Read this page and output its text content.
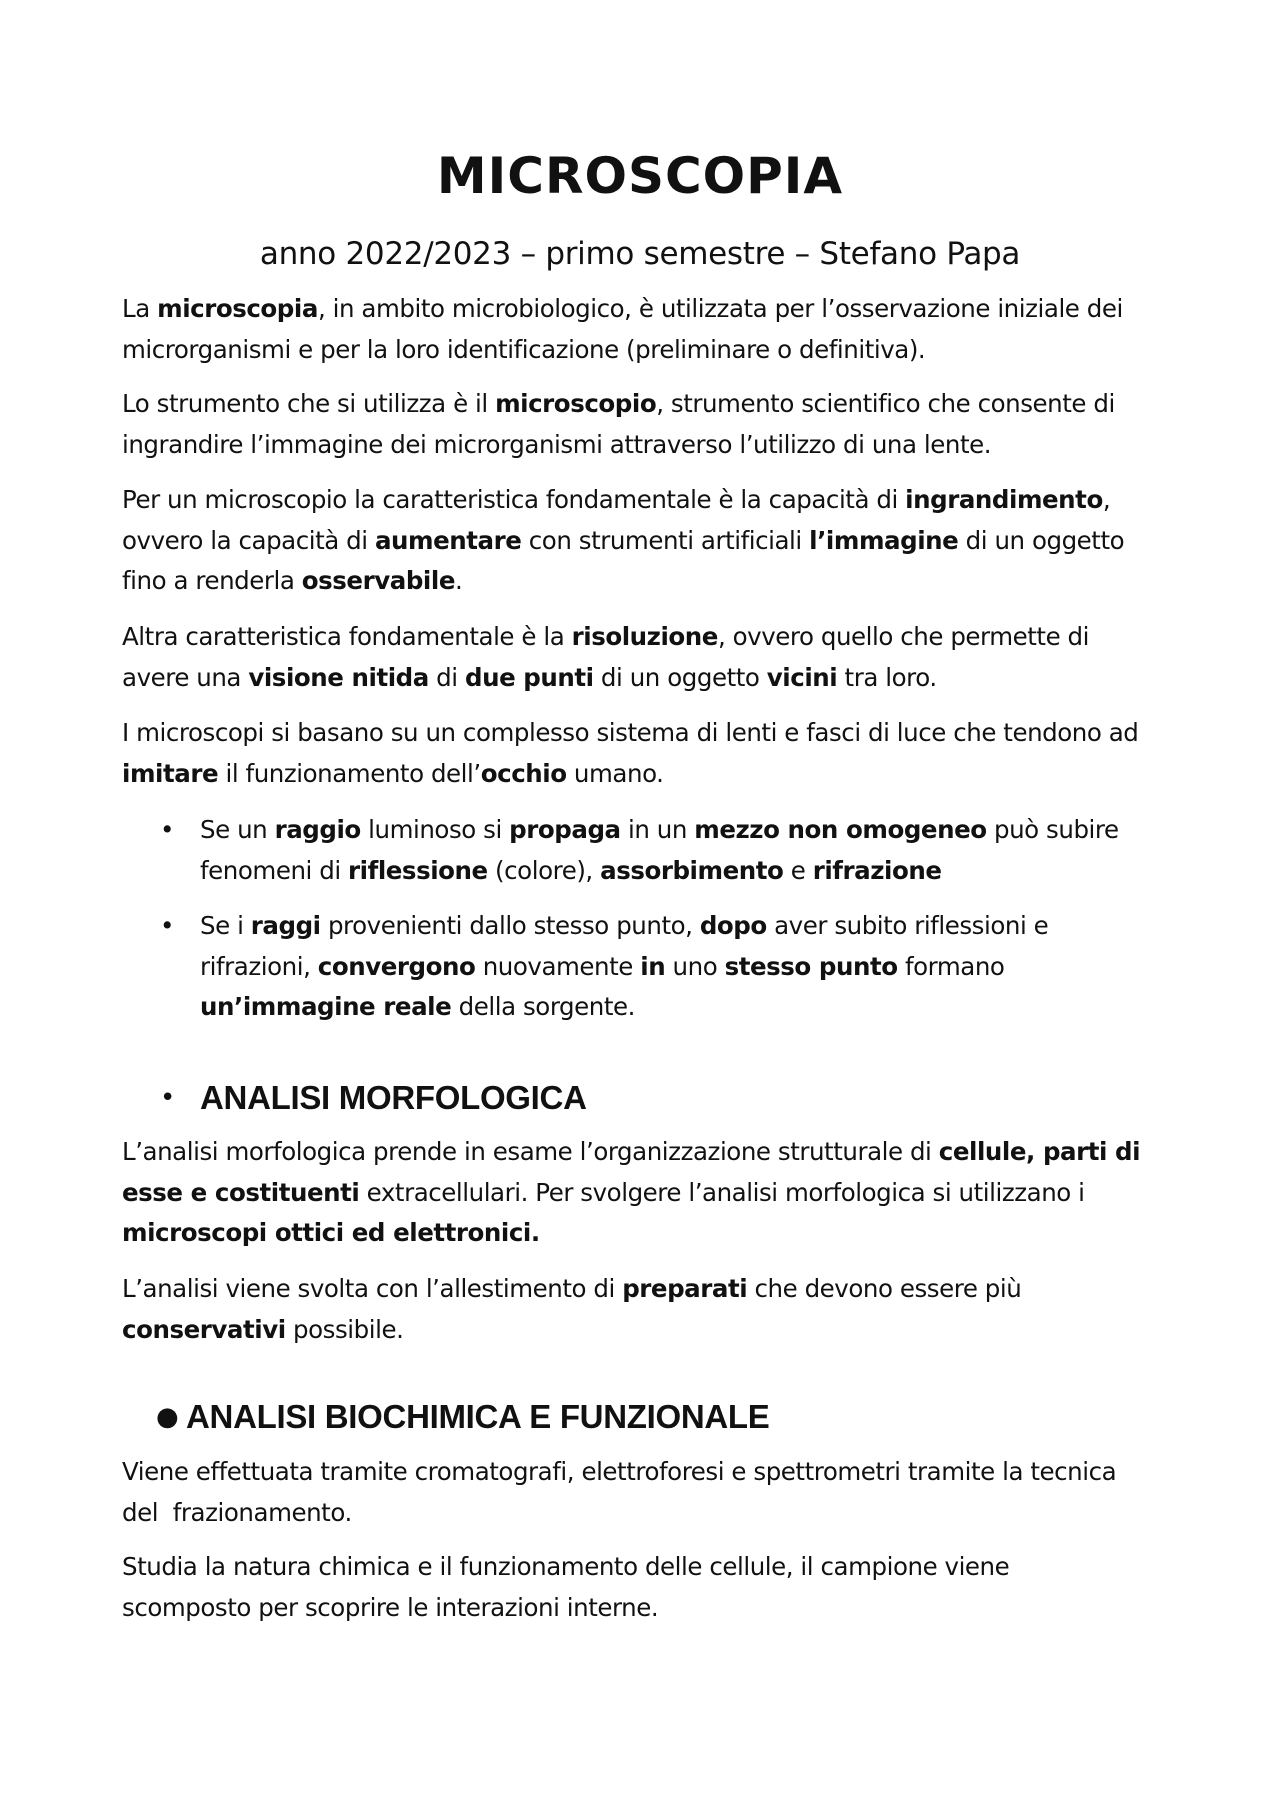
MICROSCOPIA
anno 2022/2023 – primo semestre – Stefano Papa
La microscopia, in ambito microbiologico, è utilizzata per l’osservazione iniziale dei
microrganismi e per la loro identificazione (preliminare o definitiva).
Lo strumento che si utilizza è il microscopio, strumento scientifico che consente di
ingrandire l’immagine dei microrganismi attraverso l’utilizzo di una lente.
Per un microscopio la caratteristica fondamentale è la capacità di ingrandimento,
ovvero la capacità di aumentare con strumenti artificiali l’immagine di un oggetto
fino a renderla osservabile.
Altra caratteristica fondamentale è la risoluzione, ovvero quello che permette di
avere una visione nitida di due punti di un oggetto vicini tra loro.
I microscopi si basano su un complesso sistema di lenti e fasci di luce che tendono ad
imitare il funzionamento dell’occhio umano.
• Se un raggio luminoso si propaga in un mezzo non omogeneo può subire
fenomeni di riflessione (colore), assorbimento e rifrazione
• Se i raggi provenienti dallo stesso punto, dopo aver subito riflessioni e
rifrazioni, convergono nuovamente in uno stesso punto formano
un’immagine reale della sorgente.
• ANALISI MORFOLOGICA
L’analisi morfologica prende in esame l’organizzazione strutturale di cellule, parti di
esse e costituenti extracellulari. Per svolgere l’analisi morfologica si utilizzano i
microscopi ottici ed elettronici.
L’analisi viene svolta con l’allestimento di preparati che devono essere più
conservativi possibile.
● ANALISI BIOCHIMICA E FUNZIONALE
Viene effettuata tramite cromatografi, elettroforesi e spettrometri tramite la tecnica
del  frazionamento.
Studia la natura chimica e il funzionamento delle cellule, il campione viene
scomposto per scoprire le interazioni interne.
